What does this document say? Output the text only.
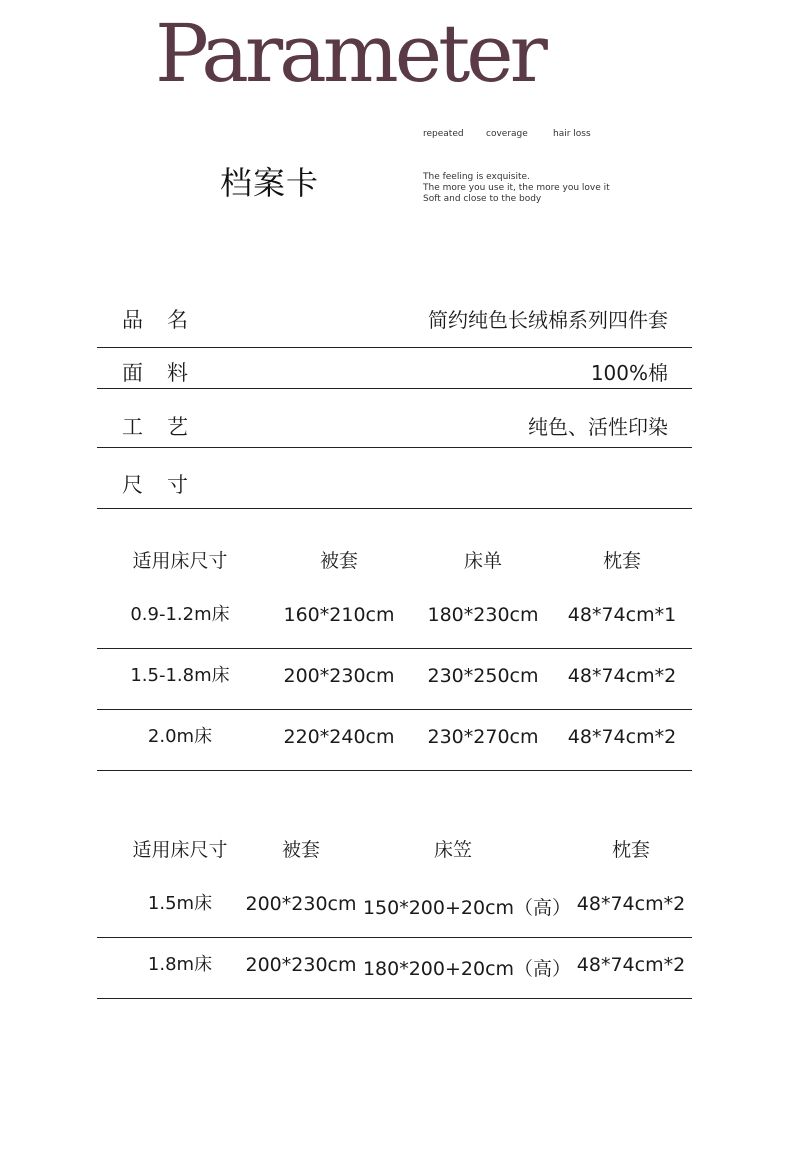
Parameter
档案卡
repeated coverage	hair loss
The feeling is exquisite.
The more you use it, the more you love it
Soft and close to the body
品名	简约纯色长绒棉系列四件套
面料	100%棉
工艺	纯色、活性印染
尺寸
适用床尺寸	被套	床单	枕套
0.9-1.2m床	160*210cm 180*230cm 48*74cm*1
1.5-1.8m床	200*230cm 230*250cm 48*74cm*2
2.0m床	220*240cm 230*270cm 48*74cm*2
适用床尺寸	被套	床笠	枕套
1.5m床 200*230cm 150*200+20cm（高） 48*74cm*2
1.8m床 200*230cm 180*200+20cm（高） 48*74cm*2
